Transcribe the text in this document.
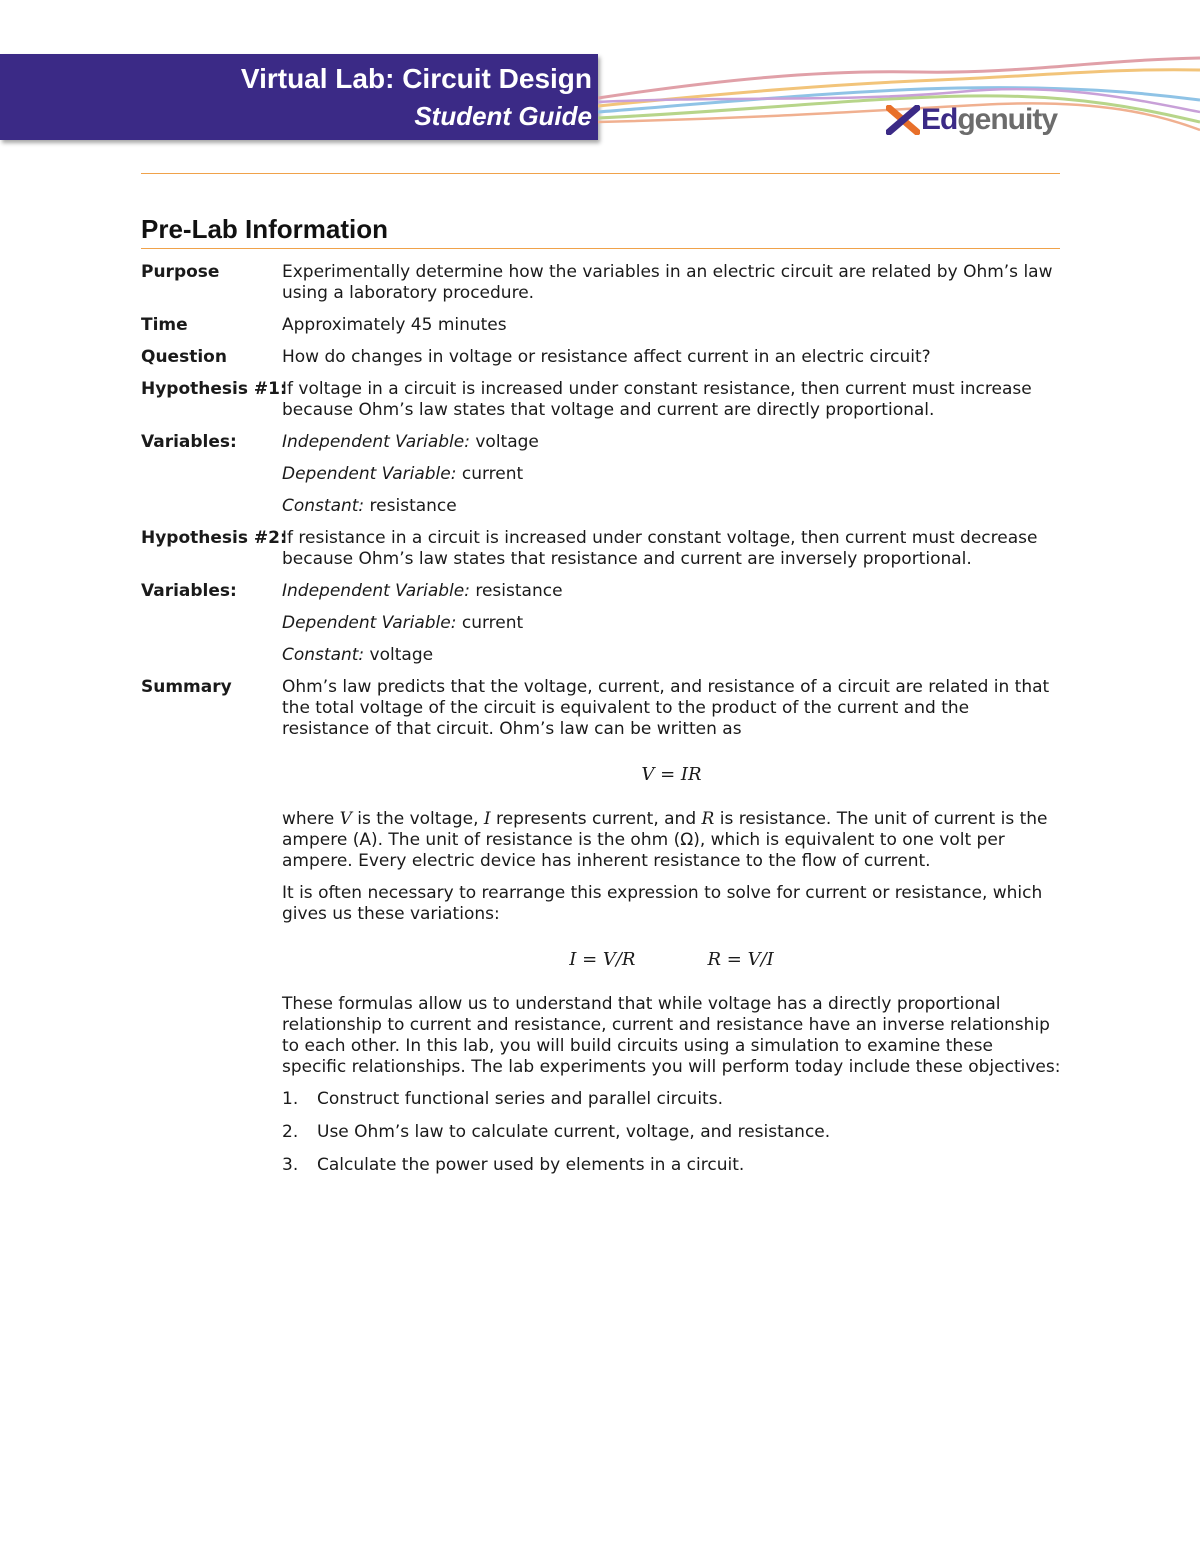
Virtual Lab: Circuit Design
Student Guide	Edgenuity
Pre-Lab Information
Purpose	Experimentally determine how the variables in an electric circuit are related by Ohm’s law using a laboratory procedure.
Time	Approximately 45 minutes
Question	How do changes in voltage or resistance affect current in an electric circuit?
Hypothesis #1:
If voltage in a circuit is increased under constant resistance, then current must increase because Ohm’s law states that voltage and current are directly proportional.
Variables:	Independent Variable: voltage

Dependent Variable: current

Constant: resistance

Hypothesis #2:
If resistance in a circuit is increased under constant voltage, then current must decrease because Ohm’s law states that resistance and current are inversely proportional.
Variables:	Independent Variable: resistance

Dependent Variable: current

Constant: voltage

Summary	Ohm’s law predicts that the voltage, current, and resistance of a circuit are related in that the total voltage of the circuit is equivalent to the product of the current and the resistance of that circuit. Ohm’s law can be written as

V = IR

where V is the voltage, I represents current, and R is resistance. The unit of current is the ampere (A). The unit of resistance is the ohm (Ω), which is equivalent to one volt per ampere. Every electric device has inherent resistance to the flow of current.

It is often necessary to rearrange this expression to solve for current or resistance, which gives us these variations:

I = V/R	R = V/I

These formulas allow us to understand that while voltage has a directly proportional relationship to current and resistance, current and resistance have an inverse relationship to each other. In this lab, you will build circuits using a simulation to examine these specific relationships. The lab experiments you will perform today include these objectives:

1.	Construct functional series and parallel circuits.
2.	Use Ohm’s law to calculate current, voltage, and resistance.
3.	Calculate the power used by elements in a circuit.
